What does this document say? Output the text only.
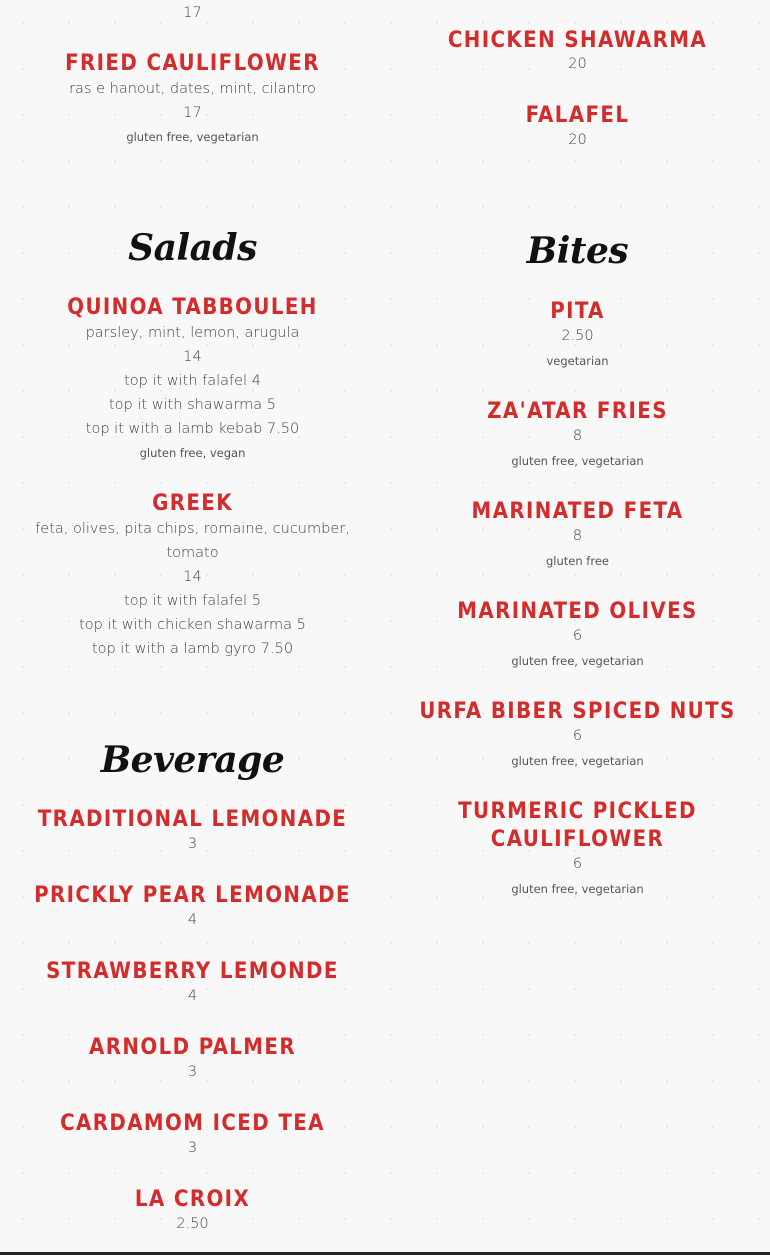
17
FRIED CAULIFLOWER
ras e hanout, dates, mint, cilantro
17
gluten free, vegetarian
Salads
QUINOA TABBOULEH
parsley, mint, lemon, arugula
14
top it with falafel 4
top it with shawarma 5
top it with a lamb kebab 7.50
gluten free, vegan
GREEK
feta, olives, pita chips, romaine, cucumber,
tomato
14
top it with falafel 5
top it with chicken shawarma 5
top it with a lamb gyro 7.50
Beverage
TRADITIONAL LEMONADE
3
PRICKLY PEAR LEMONADE
4
STRAWBERRY LEMONDE
4
ARNOLD PALMER
3
CARDAMOM ICED TEA
3
LA CROIX
2.50
CHICKEN SHAWARMA
20
FALAFEL
20
Bites
PITA
2.50
vegetarian
ZA'ATAR FRIES
8
gluten free, vegetarian
MARINATED FETA
8
gluten free
MARINATED OLIVES
6
gluten free, vegetarian
URFA BIBER SPICED NUTS
6
gluten free, vegetarian
TURMERIC PICKLED
CAULIFLOWER
6
gluten free, vegetarian
